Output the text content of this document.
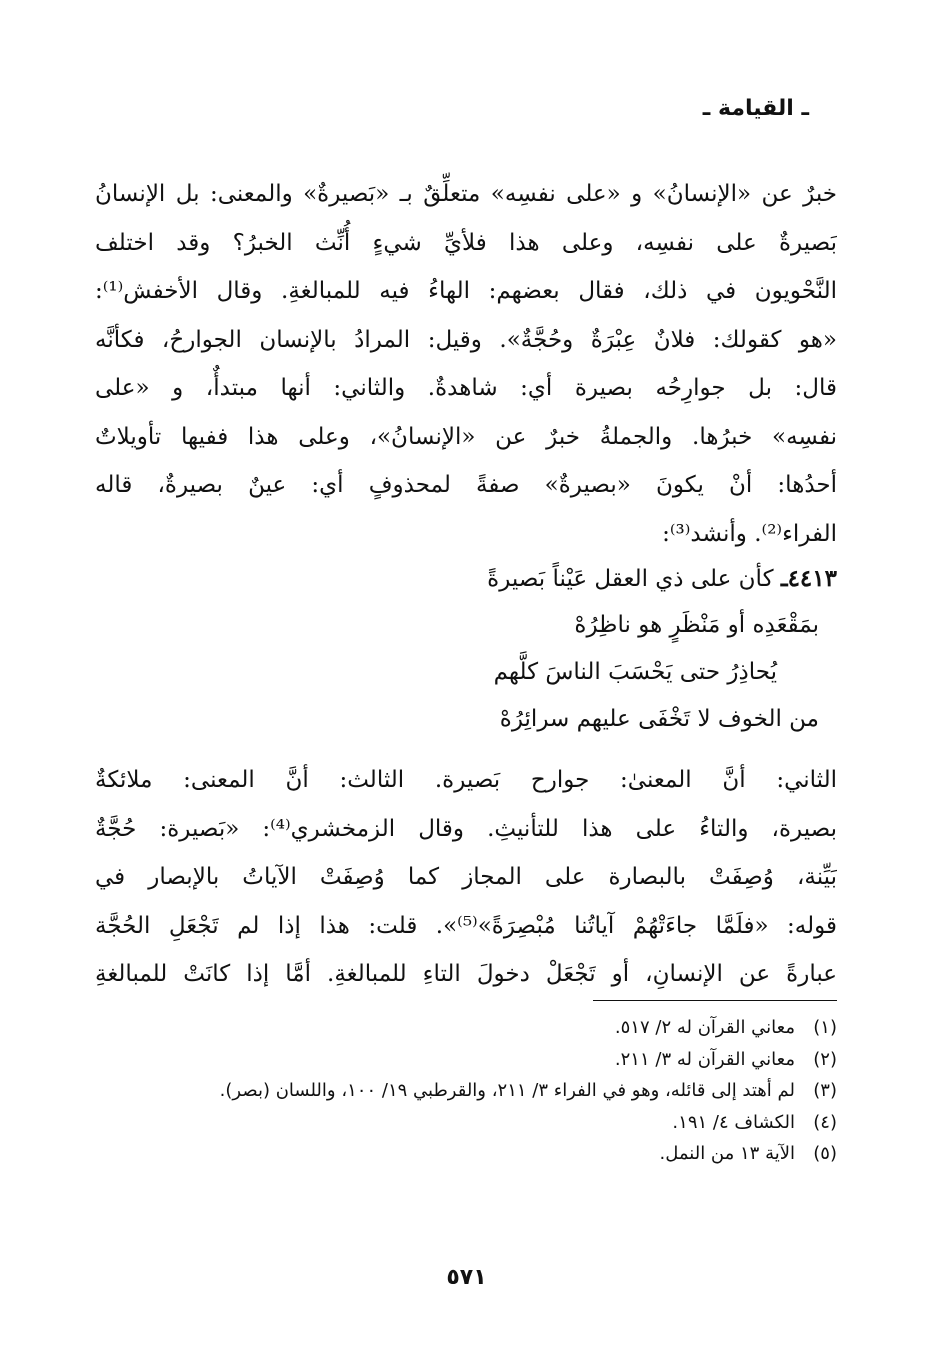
ـ القيامة ـ
خبرٌ عن «الإنسانُ» و «على نفسِه» متعلِّقٌ بـ «بَصيرةٌ» والمعنى: بل الإنسانُ
بَصيرةٌ على نفسِه، وعلى هذا فلأيِّ شيءٍ أُنِّث الخبرُ؟ وقد اختلف
النَّحْويون في ذلك، فقال بعضهم: الهاءُ فيه للمبالغةِ. وقال الأخفش⁽¹⁾:
«هو كقولك: فلانٌ عِبْرَةٌ وحُجَّةٌ». وقيل: المرادُ بالإنسان الجوارحُ، فكأنَّه
قال: بل جوارِحُه بصيرة أي: شاهدةٌ. والثاني: أنها مبتدأٌ، و «على
نفسِه» خبرُها. والجملةُ خبرٌ عن «الإنسانُ»، وعلى هذا ففيها تأويلاتٌ
أحدُها: أنْ يكونَ «بصيرةٌ» صفةً لمحذوفٍ أي: عينٌ بصيرةٌ، قاله
الفراء⁽²⁾. وأنشد⁽³⁾:
٤٤١٣ـ كأن على ذي العقل عَيْناً بَصيرةً
بمَقْعَدِه أو مَنْظَرٍ هو ناظِرُهْ
يُحاذِرُ حتى يَحْسَبَ الناسَ كلَّهم
من الخوف لا تَخْفَى عليهم سرائِرُهْ
الثاني: أنَّ المعنىٰ: جوارح بَصيرة. الثالث: أنَّ المعنى: ملائكةٌ
بصيرة، والتاءُ على هذا للتأنيثِ. وقال الزمخشري⁽⁴⁾: «بَصيرة: حُجَّةٌ
بَيِّنة، وُصِفَتْ بالبصارة على المجاز كما وُصِفَتْ الآياتُ بالإبصار في
قوله: «فلَمَّا جاءَتْهُمْ آياتُنا مُبْصِرَةً»⁽⁵⁾». قلت: هذا إذا لم تَجْعَلِ الحُجَّة
عبارةً عن الإنسانِ، أو تَجْعَلْ دخولَ التاءِ للمبالغةِ. أمَّا إذا كانَتْ للمبالغةِ
(١)
معاني القرآن له ٢/ ٥١٧.
(٢)
معاني القرآن له ٣/ ٢١١.
(٣)
لم أهتد إلى قائله، وهو في الفراء ٣/ ٢١١، والقرطبي ١٩/ ١٠٠، واللسان (بصر).
(٤)
الكشاف ٤/ ١٩١.
(٥)
الآية ١٣ من النمل.
٥٧١
